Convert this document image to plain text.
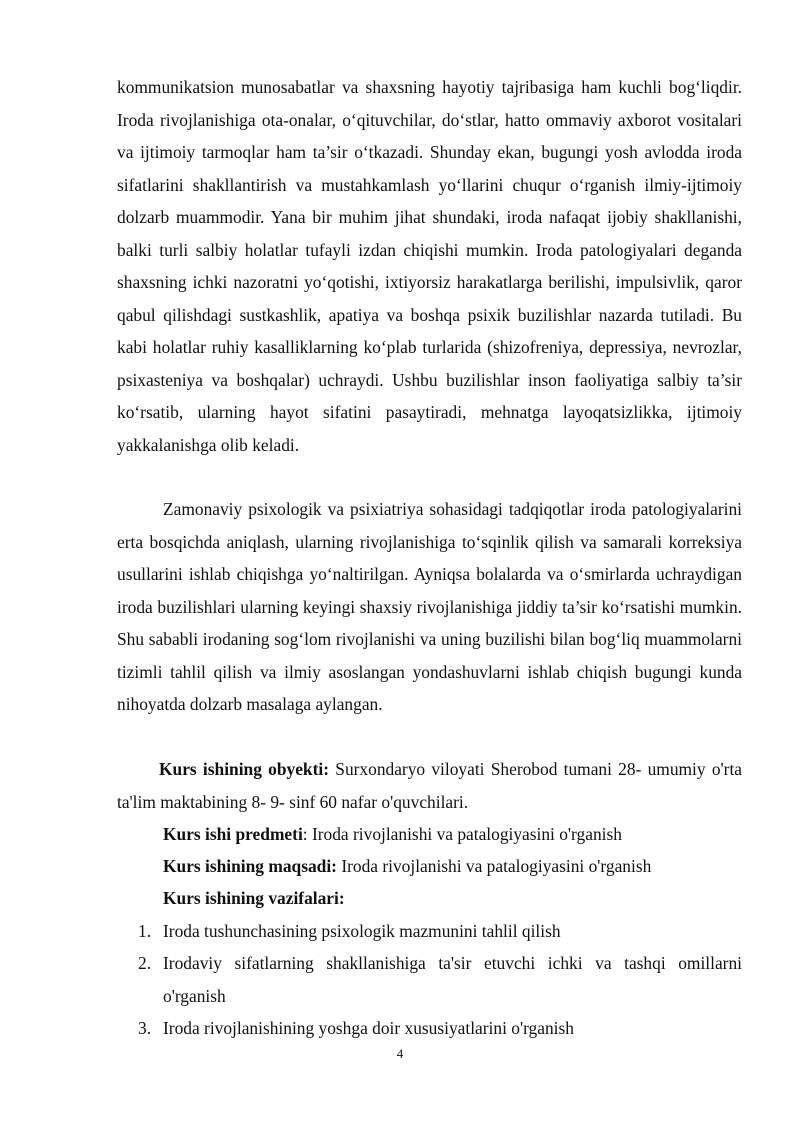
kommunikatsion munosabatlar va shaxsning hayotiy tajribasiga ham kuchli bog‘liqdir. Iroda rivojlanishiga ota-onalar, o‘qituvchilar, do‘stlar, hatto ommaviy axborot vositalari va ijtimoiy tarmoqlar ham ta’sir o‘tkazadi. Shunday ekan, bugungi yosh avlodda iroda sifatlarini shakllantirish va mustahkamlash yo‘llarini chuqur o‘rganish ilmiy-ijtimoiy dolzarb muammodir. Yana bir muhim jihat shundaki, iroda nafaqat ijobiy shakllanishi, balki turli salbiy holatlar tufayli izdan chiqishi mumkin. Iroda patologiyalari deganda shaxsning ichki nazoratni yo‘qotishi, ixtiyorsiz harakatlarga berilishi, impulsivlik, qaror qabul qilishdagi sustkashlik, apatiya va boshqa psixik buzilishlar nazarda tutiladi. Bu kabi holatlar ruhiy kasalliklarning ko‘plab turlarida (shizofreniya, depressiya, nevrozlar, psixasteniya va boshqalar) uchraydi. Ushbu buzilishlar inson faoliyatiga salbiy ta’sir ko‘rsatib, ularning hayot sifatini pasaytiradi, mehnatga layoqatsizlikka, ijtimoiy yakkalanishga olib keladi.

Zamonaviy psixologik va psixiatriya sohasidagi tadqiqotlar iroda patologiyalarini erta bosqichda aniqlash, ularning rivojlanishiga to‘sqinlik qilish va samarali korreksiya usullarini ishlab chiqishga yo‘naltirilgan. Ayniqsa bolalarda va o‘smirlarda uchraydigan iroda buzilishlari ularning keyingi shaxsiy rivojlanishiga jiddiy ta’sir ko‘rsatishi mumkin. Shu sababli irodaning sog‘lom rivojlanishi va uning buzilishi bilan bog‘liq muammolarni tizimli tahlil qilish va ilmiy asoslangan yondashuvlarni ishlab chiqish bugungi kunda nihoyatda dolzarb masalaga aylangan.

Kurs ishining obyekti: Surxondaryo viloyati Sherobod tumani 28- umumiy o'rta ta'lim maktabining 8- 9- sinf 60 nafar o'quvchilari.

Kurs ishi predmeti: Iroda rivojlanishi va patalogiyasini o'rganish

Kurs ishining maqsadi: Iroda rivojlanishi va patalogiyasini o'rganish

Kurs ishining vazifalari:

1. Iroda tushunchasining psixologik mazmunini tahlil qilish
2. Irodaviy sifatlarning shakllanishiga ta'sir etuvchi ichki va tashqi omillarni o'rganish
3. Iroda rivojlanishining yoshga doir xususiyatlarini o'rganish
4
